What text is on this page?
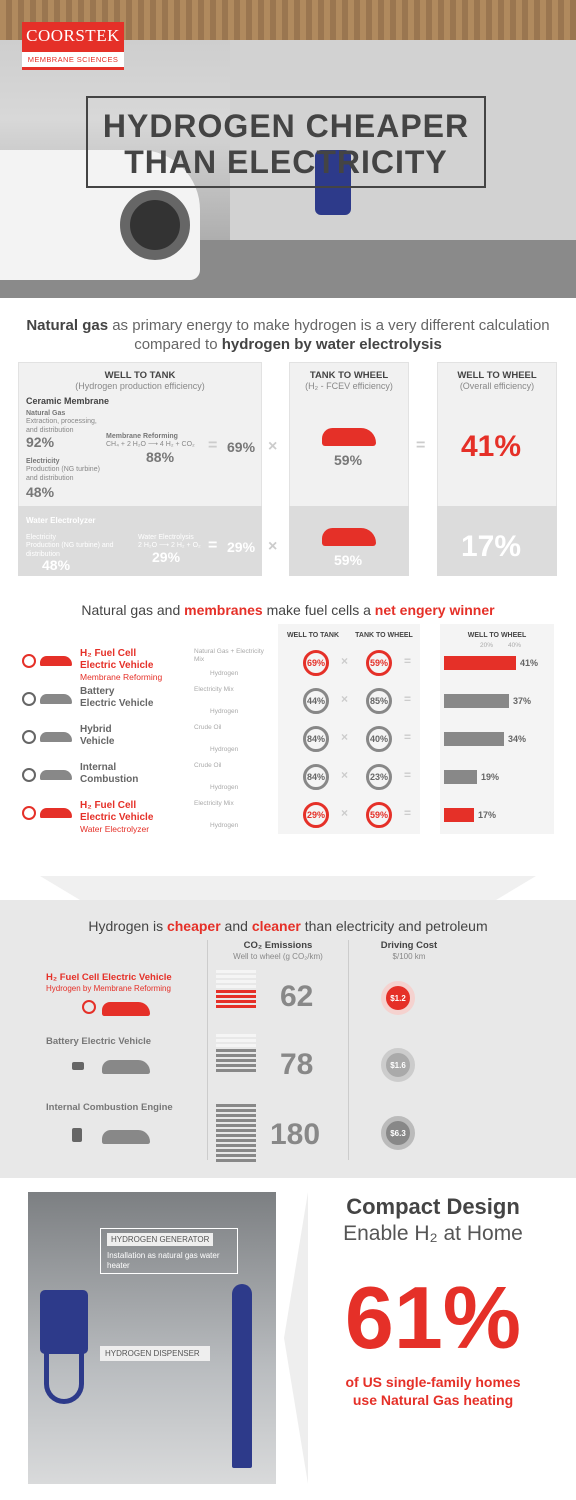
COORSTEK
MEMBRANE SCIENCES
HYDROGEN CHEAPER
THAN ELECTRICITY
Natural gas as primary energy to make hydrogen is a very different calculation compared to hydrogen by water electrolysis
WELL TO TANK
(Hydrogen production efficiency)
TANK TO WHEEL
(H₂ - FCEV efficiency)
WELL TO WHEEL
(Overall efficiency)
Ceramic Membrane
Natural Gas
Extraction, processing, and distribution
92%	Membrane Reforming
CH₄ + 2 H₂O ⟶ 4 H₂ + CO₂
88%
Electricity
Production (NG turbine) and distribution
48%
= 69% ×
59%
= 41%
Water Electrolyzer
Electricity
Production (NG turbine) and distribution
48%
Water Electrolysis
2 H₂O ⟶ 2 H₂ + O₂
29%
= 29% ×
59%
= 17%
Natural gas and membranes make fuel cells a net engery winner
WELL TO TANK	TANK TO WHEEL	WELL TO WHEEL
20% 40%
H₂ Fuel Cell
Electric Vehicle
Membrane Reforming
Natural Gas + Electricity Mix
Hydrogen
69%	×	59%	=	41%
Battery
Electric Vehicle
Electricity Mix
Hydrogen
44%	×	85%	=	37%
Hybrid
Vehicle
Crude Oil
Hydrogen
84%	×	40%	=	34%
Internal
Combustion
Crude Oil
Hydrogen
84%	×	23%	=	19%
H₂ Fuel Cell
Electric Vehicle
Water Electrolyzer
Electricity Mix
Hydrogen
29%	×	59%	=	17%
Hydrogen is cheaper and cleaner than electricity and petroleum
CO₂ Emissions
Well to wheel (g CO₂/km)
Driving Cost
$/100 km
H₂ Fuel Cell Electric Vehicle
Hydrogen by Membrane Reforming	62	$1.2
Battery Electric Vehicle
78	$1.6
Internal Combustion Engine
180	$6.3
HYDROGEN GENERATOR
Installation as natural gas water heater
HYDROGEN DISPENSER
Compact Design
Enable H₂ at Home
61%
of US single-family homes
use Natural Gas heating
